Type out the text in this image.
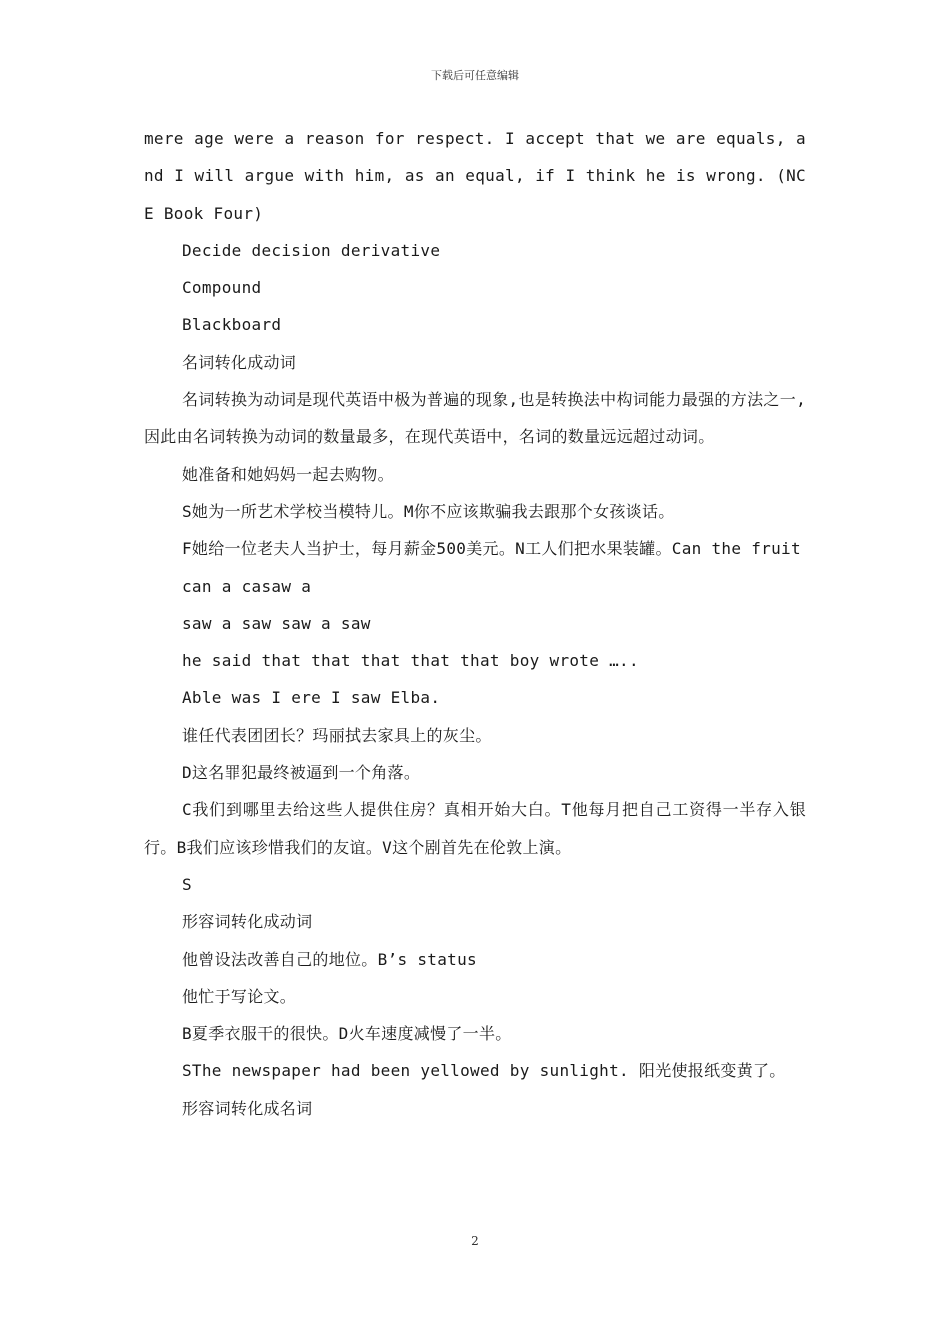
下载后可任意编辑

mere age were a reason for respect. I accept that we are equals, and I will argue with him, as an equal, if I think he is wrong. (NCE Book Four)

Decide decision derivative

Compound

Blackboard

名词转化成动词

名词转换为动词是现代英语中极为普遍的现象,也是转换法中构词能力最强的方法之一,因此由名词转换为动词的数量最多，在现代英语中，名词的数量远远超过动词。

她准备和她妈妈一起去购物。

S她为一所艺术学校当模特儿。M你不应该欺骗我去跟那个女孩谈话。

F她给一位老夫人当护士，每月薪金500美元。N工人们把水果装罐。Can the fruit

can a casaw a

saw a saw saw a saw

he said that that that that that boy wrote …..

Able was I ere I saw Elba.

谁任代表团团长？玛丽拭去家具上的灰尘。

D这名罪犯最终被逼到一个角落。

C我们到哪里去给这些人提供住房？真相开始大白。T他每月把自己工资得一半存入银行。B我们应该珍惜我们的友谊。V这个剧首先在伦敦上演。

S

形容词转化成动词

他曾设法改善自己的地位。B’s status

他忙于写论文。

B夏季衣服干的很快。D火车速度减慢了一半。

SThe newspaper had been yellowed by sunlight. 阳光使报纸变黄了。

形容词转化成名词

2
